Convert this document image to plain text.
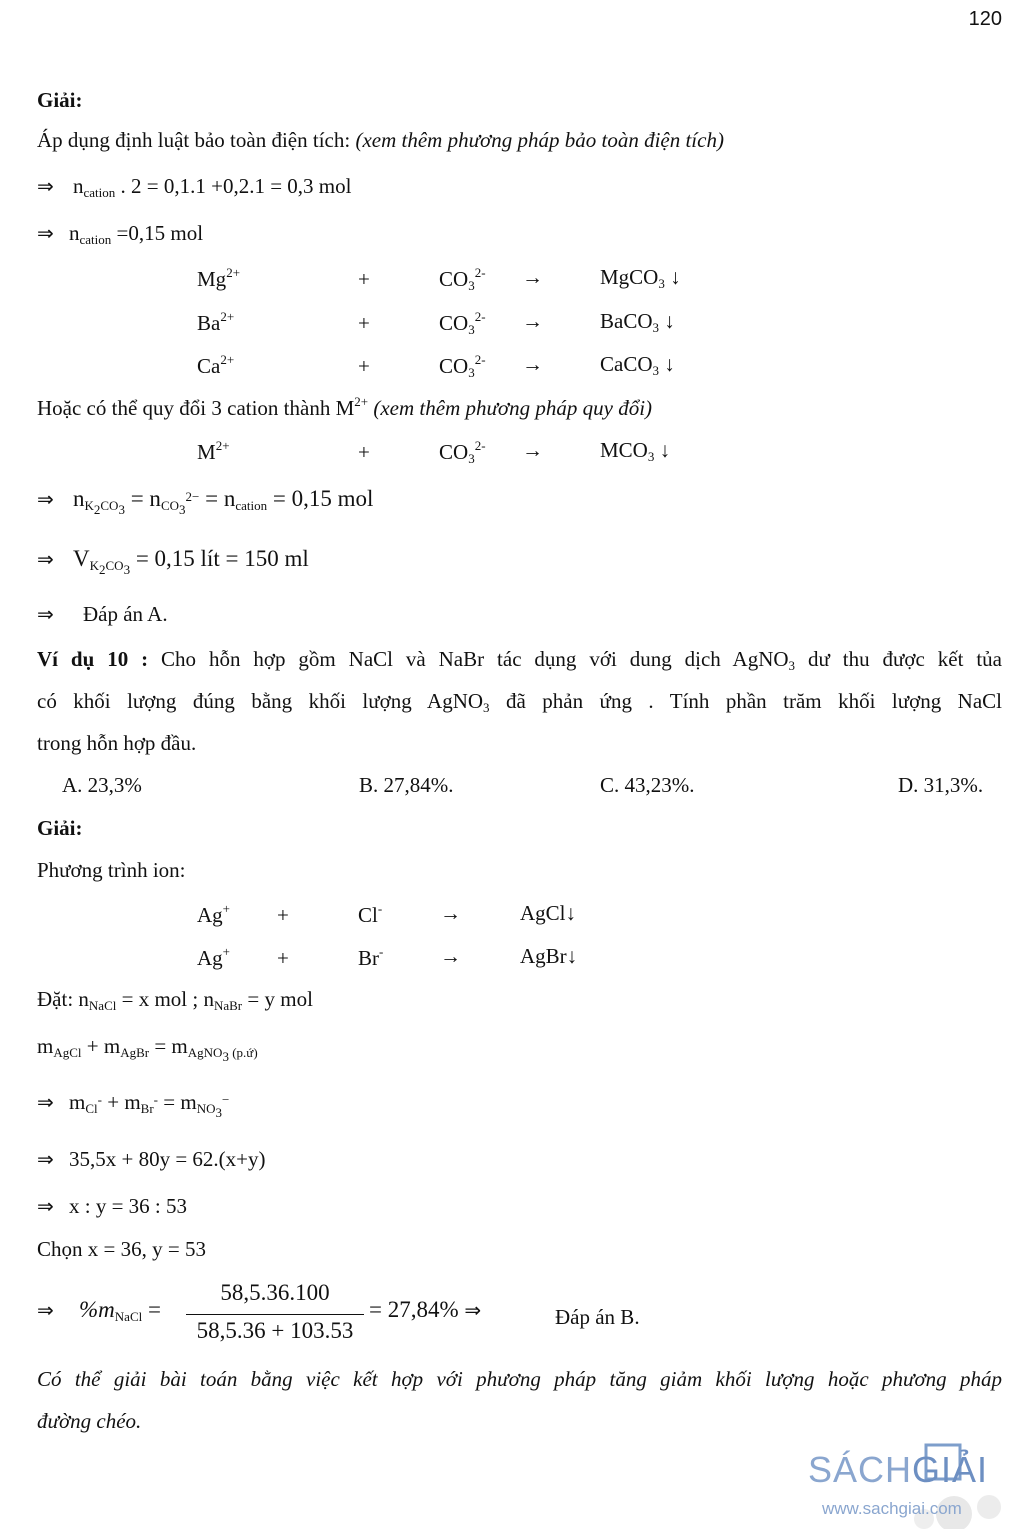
120
Giải:
Áp dụng định luật bảo toàn điện tích: (xem thêm phương pháp bảo toàn điện tích)
⇒ $n_{cation}$ . 2 = 0,1.1 +0,2.1 = 0,3 mol
⇒ $n_{cation} =0,15$ mol
$Mg^{2+}$	+	$CO_3^{2-}$ →	MgCO$_3$ ↓
$Ba^{2+}$	+	$CO_3^{2-}$ →	BaCO$_3$ ↓
$Ca^{2+}$	+	$CO_3^{2-}$ →	CaCO$_3$ ↓
Hoặc có thể quy đổi 3 cation thành $M^{2+}$ (xem thêm phương pháp quy đổi)
$M^{2+}$	+	$CO_3^{2-}$ →	$MCO_3$ ↓
⇒ $n_{K_2CO_3} = n_{CO_3^{2-}} = n_{cation} = 0,15$ mol
⇒ $V_{K_2CO_3} = 0,15$ lít = 150 ml
⇒ Đáp án A.
Ví dụ 10 : Cho hỗn hợp gồm NaCl và NaBr tác dụng với dung dịch AgNO$_3$ dư thu được kết tủa
có khối lượng đúng bằng khối lượng AgNO$_3$ đã phản ứng . Tính phần trăm khối lượng NaCl
trong hỗn hợp đầu.
A. 23,3%	B. 27,84%.	C. 43,23%.	D. 31,3%.
Giải:
Phương trình ion:
Ag+ +	Cl-	→	AgCl↓
Ag+ +	Br-	→	AgBr↓
Đặt: $n_{NaCl} = x$ mol ; $n_{NaBr} = y$ mol
$m_{AgCl} + m_{AgBr} = m_{AgNO_3 (p.ứ)}$
⇒ $m_{Cl^-} + m_{Br^-} = m_{NO_3^-}$
⇒ 35,5x + 80y = 62.(x+y)
⇒ x : y = 36 : 53
Chọn x = 36, y = 53
⇒ $\%m_{NaCl}$ =
58,5.36.100
58,5.36 + 103.53
= 27,84% ⇒	Đáp án B.
Có thể giải bài toán bằng việc kết hợp với phương pháp tăng giảm khối lượng hoặc phương pháp
đường chéo.
SÁCHGIẢI
www.sachgiai.com
